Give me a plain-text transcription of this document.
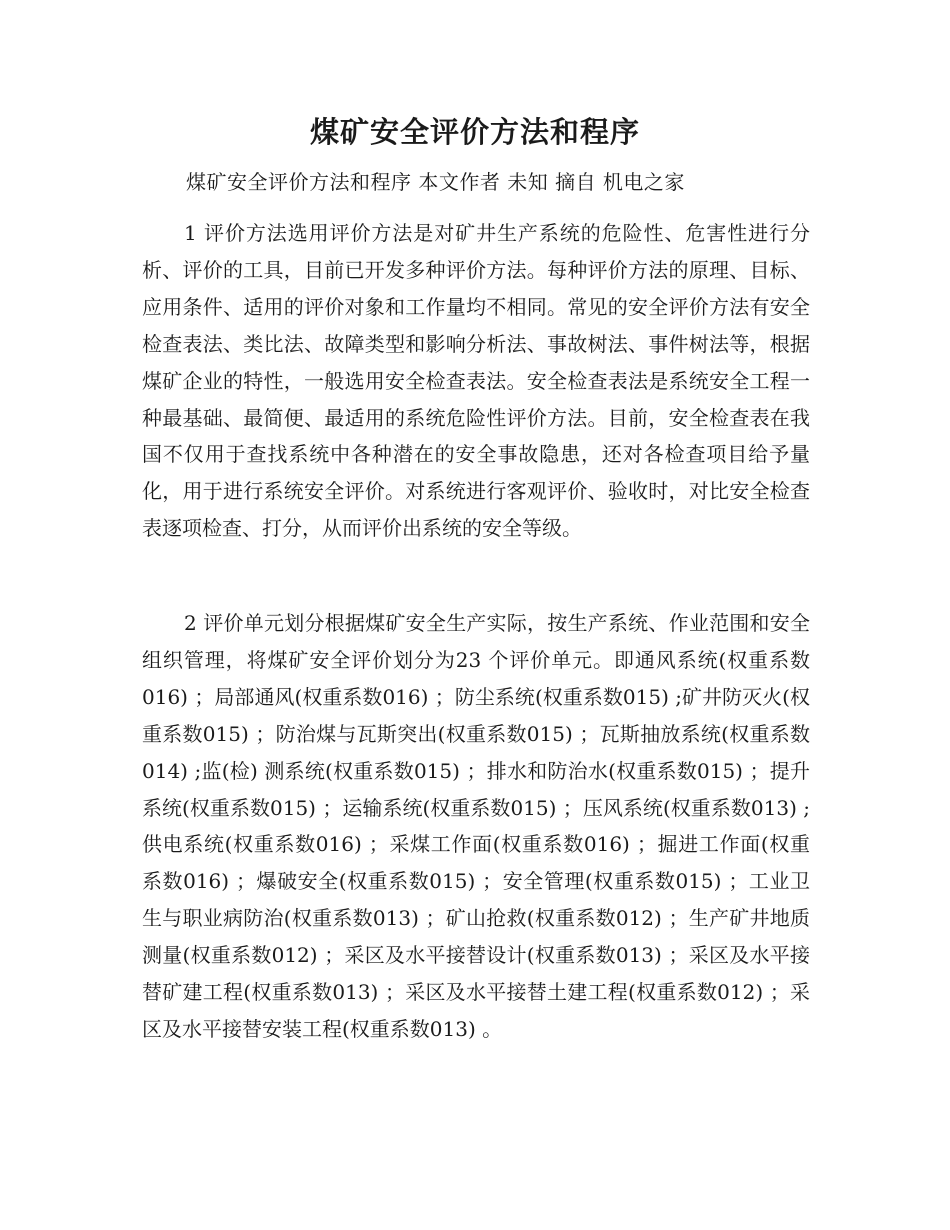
煤矿安全评价方法和程序
煤矿安全评价方法和程序 本文作者 未知 摘自 机电之家

1 评价方法选用评价方法是对矿井生产系统的危险性、危害性进行分析、评价的工具，目前已开发多种评价方法。每种评价方法的原理、目标、应用条件、适用的评价对象和工作量均不相同。常见的安全评价方法有安全检查表法、类比法、故障类型和影响分析法、事故树法、事件树法等，根据煤矿企业的特性，一般选用安全检查表法。安全检查表法是系统安全工程一种最基础、最简便、最适用的系统危险性评价方法。目前，安全检查表在我国不仅用于查找系统中各种潜在的安全事故隐患，还对各检查项目给予量化，用于进行系统安全评价。对系统进行客观评价、验收时，对比安全检查表逐项检查、打分，从而评价出系统的安全等级。

2 评价单元划分根据煤矿安全生产实际，按生产系统、作业范围和安全组织管理，将煤矿安全评价划分为23 个评价单元。即通风系统(权重系数016) ；局部通风(权重系数016) ；防尘系统(权重系数015) ;矿井防灭火(权重系数015) ；防治煤与瓦斯突出(权重系数015) ；瓦斯抽放系统(权重系数014) ;监(检) 测系统(权重系数015) ；排水和防治水(权重系数015) ；提升系统(权重系数015) ；运输系统(权重系数015) ；压风系统(权重系数013) ;供电系统(权重系数016) ；采煤工作面(权重系数016) ；掘进工作面(权重系数016) ；爆破安全(权重系数015) ；安全管理(权重系数015) ；工业卫生与职业病防治(权重系数013) ；矿山抢救(权重系数012) ；生产矿井地质测量(权重系数012) ；采区及水平接替设计(权重系数013) ；采区及水平接替矿建工程(权重系数013) ；采区及水平接替土建工程(权重系数012) ；采区及水平接替安装工程(权重系数013) 。
